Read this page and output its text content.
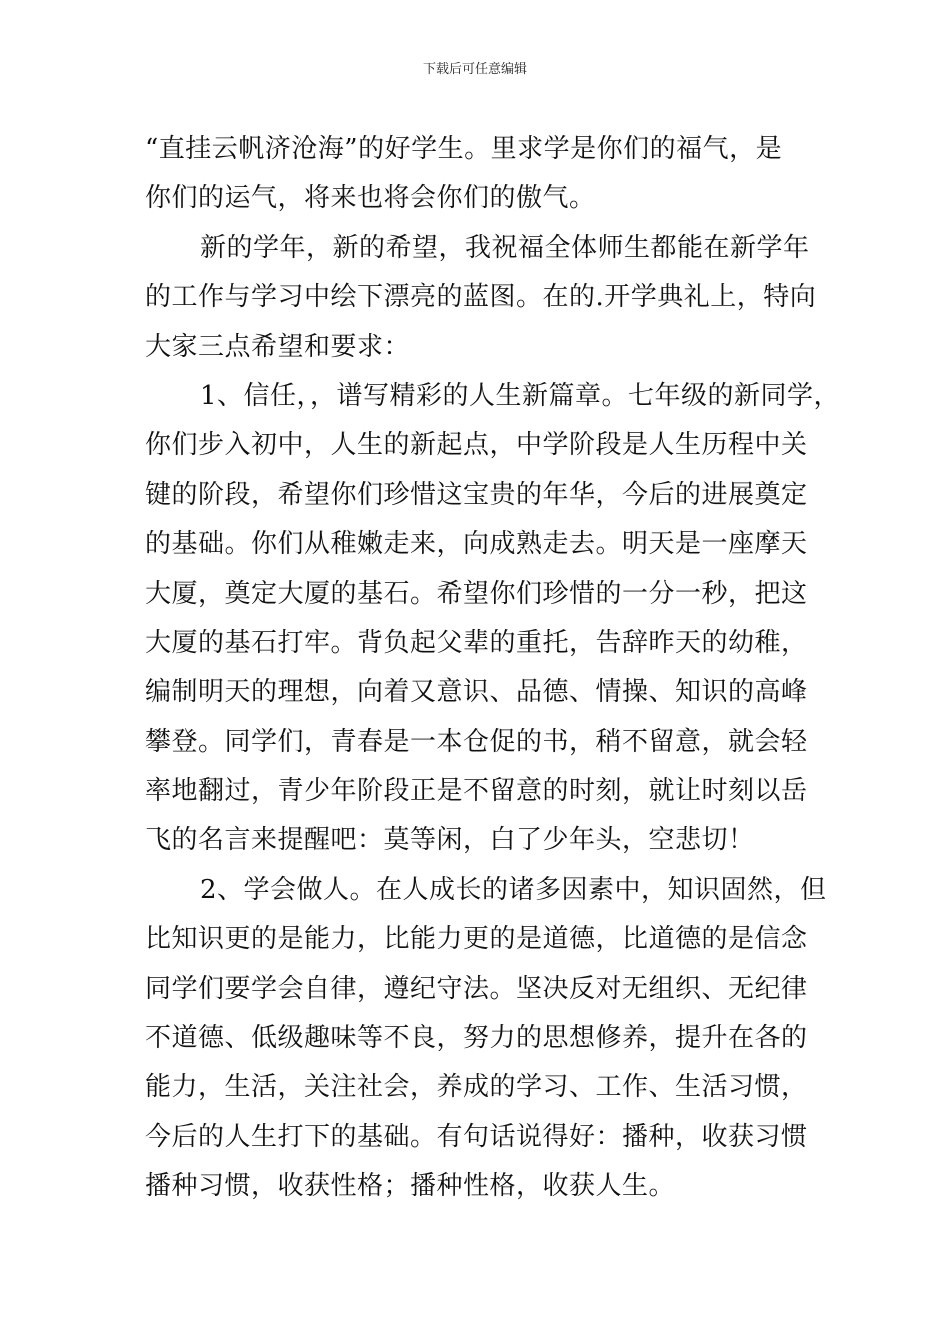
下载后可任意编辑
“直挂云帆济沧海”的好学生。里求学是你们的福气，是
你们的运气，将来也将会你们的傲气。
新的学年，新的希望，我祝福全体师生都能在新学年
的工作与学习中绘下漂亮的蓝图。在的.开学典礼上，特向
大家三点希望和要求：
1、信任，，谱写精彩的人生新篇章。七年级的新同学，
你们步入初中，人生的新起点，中学阶段是人生历程中关
键的阶段，希望你们珍惜这宝贵的年华，今后的进展奠定
的基础。你们从稚嫩走来，向成熟走去。明天是一座摩天
大厦，奠定大厦的基石。希望你们珍惜的一分一秒，把这
大厦的基石打牢。背负起父辈的重托，告辞昨天的幼稚，
编制明天的理想，向着又意识、品德、情操、知识的高峰
攀登。同学们，青春是一本仓促的书，稍不留意，就会轻
率地翻过，青少年阶段正是不留意的时刻，就让时刻以岳
飞的名言来提醒吧：莫等闲，白了少年头，空悲切！
2、学会做人。在人成长的诸多因素中，知识固然，但
比知识更的是能力，比能力更的是道德，比道德的是信念
同学们要学会自律，遵纪守法。坚决反对无组织、无纪律
不道德、低级趣味等不良，努力的思想修养，提升在各的
能力，生活，关注社会，养成的学习、工作、生活习惯，
今后的人生打下的基础。有句话说得好：播种，收获习惯
播种习惯，收获性格；播种性格，收获人生。
